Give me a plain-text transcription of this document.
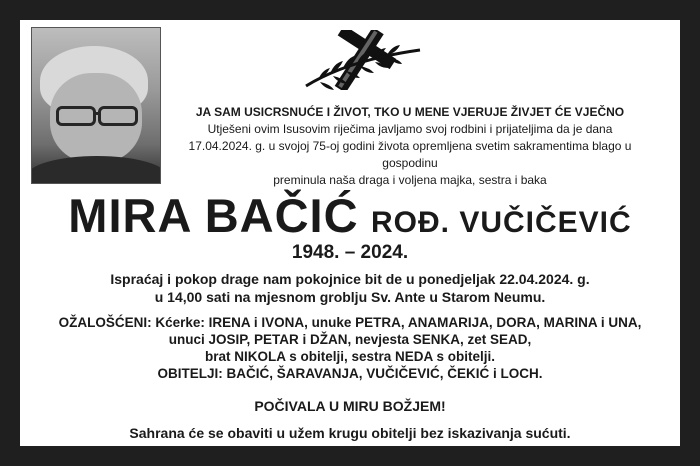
JA SAM USICRSNUĆE I ŽIVOT, TKO U MENE VJERUJE ŽIVJET ĆE VJEČNO
Utješeni ovim Isusovim riječima javljamo svoj rodbini i prijateljima da je dana
17.04.2024. g. u svojoj 75-oj godini života opremljena svetim sakramentima blago u gospodinu
preminula naša draga i voljena majka, sestra i baka
MIRA BAČIĆ ROĐ. VUČIČEVIĆ
1948. – 2024.
Ispraćaj i pokop drage nam pokojnice bit de u ponedjeljak 22.04.2024. g.
u 14,00 sati na mjesnom groblju Sv. Ante u Starom Neumu.
OŽALOŠĆENI: Kćerke: IRENA i IVONA, unuke PETRA, ANAMARIJA, DORA, MARINA i UNA,
unuci JOSIP, PETAR i DŽAN, nevjesta SENKA, zet SEAD,
brat NIKOLA s obitelji, sestra NEDA s obitelji.
OBITELJI: BAČIĆ, ŠARAVANJA, VUČIČEVIĆ, ČEKIĆ i LOCH.
POČIVALA U MIRU BOŽJEM!
Sahrana će se obaviti u užem krugu obitelji bez iskazivanja sućuti.
